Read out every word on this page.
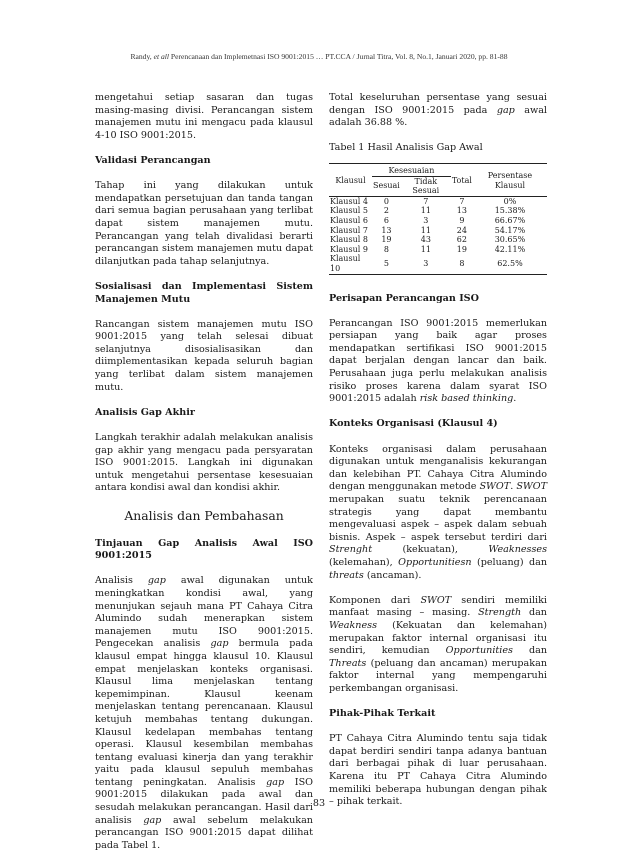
Randy, et all Perencanaan dan Implemetnasi ISO 9001:2015 … PT.CCA / Jurnal Titra, Vol. 8, No.1, Januari 2020, pp. 81-88

mengetahui setiap sasaran dan tugas masing-masing divisi. Perancangan sistem manajemen mutu ini mengacu pada klausul 4-10 ISO 9001:2015.

Validasi Perancangan

Tahap ini yang dilakukan untuk mendapatkan persetujuan dan tanda tangan dari semua bagian perusahaan yang terlibat dapat sistem manajemen mutu. Perancangan yang telah divalidasi berarti perancangan sistem manajemen mutu dapat dilanjutkan pada tahap selanjutnya.

Sosialisasi dan Implementasi Sistem Manajemen Mutu

Rancangan sistem manajemen mutu ISO 9001:2015 yang telah selesai dibuat selanjutnya disosialisasikan dan diimplementasikan kepada seluruh bagian yang terlibat dalam sistem manajemen mutu.

Analisis Gap Akhir

Langkah terakhir adalah melakukan analisis gap akhir yang mengacu pada persyaratan ISO 9001:2015. Langkah ini digunakan untuk mengetahui persentase kesesuaian antara kondisi awal dan kondisi akhir.

Analisis dan Pembahasan

Tinjauan Gap Analisis Awal ISO 9001:2015

Analisis gap awal digunakan untuk meningkatkan kondisi awal, yang menunjukan sejauh mana PT Cahaya Citra Alumindo sudah menerapkan sistem manajemen mutu ISO 9001:2015. Pengecekan analisis gap bermula pada klausul empat hingga klausul 10. Klausul empat menjelaskan konteks organisasi. Klausul lima menjelaskan tentang kepemimpinan. Klausul keenam menjelaskan tentang perencanaan. Klausul ketujuh membahas tentang dukungan. Klausul kedelapan membahas tentang operasi. Klausul kesembilan membahas tentang evaluasi kinerja dan yang terakhir yaitu pada klausul sepuluh membahas tentang peningkatan. Analisis gap ISO 9001:2015 dilakukan pada awal dan sesudah melakukan perancangan. Hasil dari analisis gap awal sebelum melakukan perancangan ISO 9001:2015 dapat dilihat pada Tabel 1.

Total keseluruhan persentase yang sesuai dengan ISO 9001:2015 pada gap awal adalah 36.88 %.

Tabel 1 Hasil Analisis Gap Awal

Klausul	Kesesuaian		Total	Persentase Klausul
	Sesuai	Tidak Sesuai		
Klausul 4	0	7	7	0%
Klausul 5	2	11	13	15.38%
Klausul 6	6	3	9	66.67%
Klausul 7	13	11	24	54.17%
Klausul 8	19	43	62	30.65%
Klausul 9	8	11	19	42.11%
Klausul 10	5	3	8	62.5%

Perisapan Perancangan ISO

Perancangan ISO 9001:2015 memerlukan persiapan yang baik agar proses mendapatkan sertifikasi ISO 9001:2015 dapat berjalan dengan lancar dan baik. Perusahaan juga perlu melakukan analisis risiko proses karena dalam syarat ISO 9001:2015 adalah risk based thinking.

Konteks Organisasi (Klausul 4)

Konteks organisasi dalam perusahaan digunakan untuk menganalisis kekurangan dan kelebihan PT. Cahaya Citra Alumindo dengan menggunakan metode SWOT. SWOT merupakan suatu teknik perencanaan strategis yang dapat membantu mengevaluasi aspek – aspek dalam sebuah bisnis. Aspek – aspek tersebut terdiri dari Strenght (kekuatan), Weaknesses (kelemahan), Opportunitiesn (peluang) dan threats (ancaman).

Komponen dari SWOT sendiri memiliki manfaat masing – masing. Strength dan Weakness (Kekuatan dan kelemahan) merupakan faktor internal organisasi itu sendiri, kemudian Opportunities dan Threats (peluang dan ancaman) merupakan faktor internal yang mempengaruhi perkembangan organisasi.

Pihak-Pihak Terkait

PT Cahaya Citra Alumindo tentu saja tidak dapat berdiri sendiri tanpa adanya bantuan dari berbagai pihak di luar perusahaan. Karena itu PT Cahaya Citra Alumindo memiliki beberapa hubungan dengan pihak – pihak terkait.

83
